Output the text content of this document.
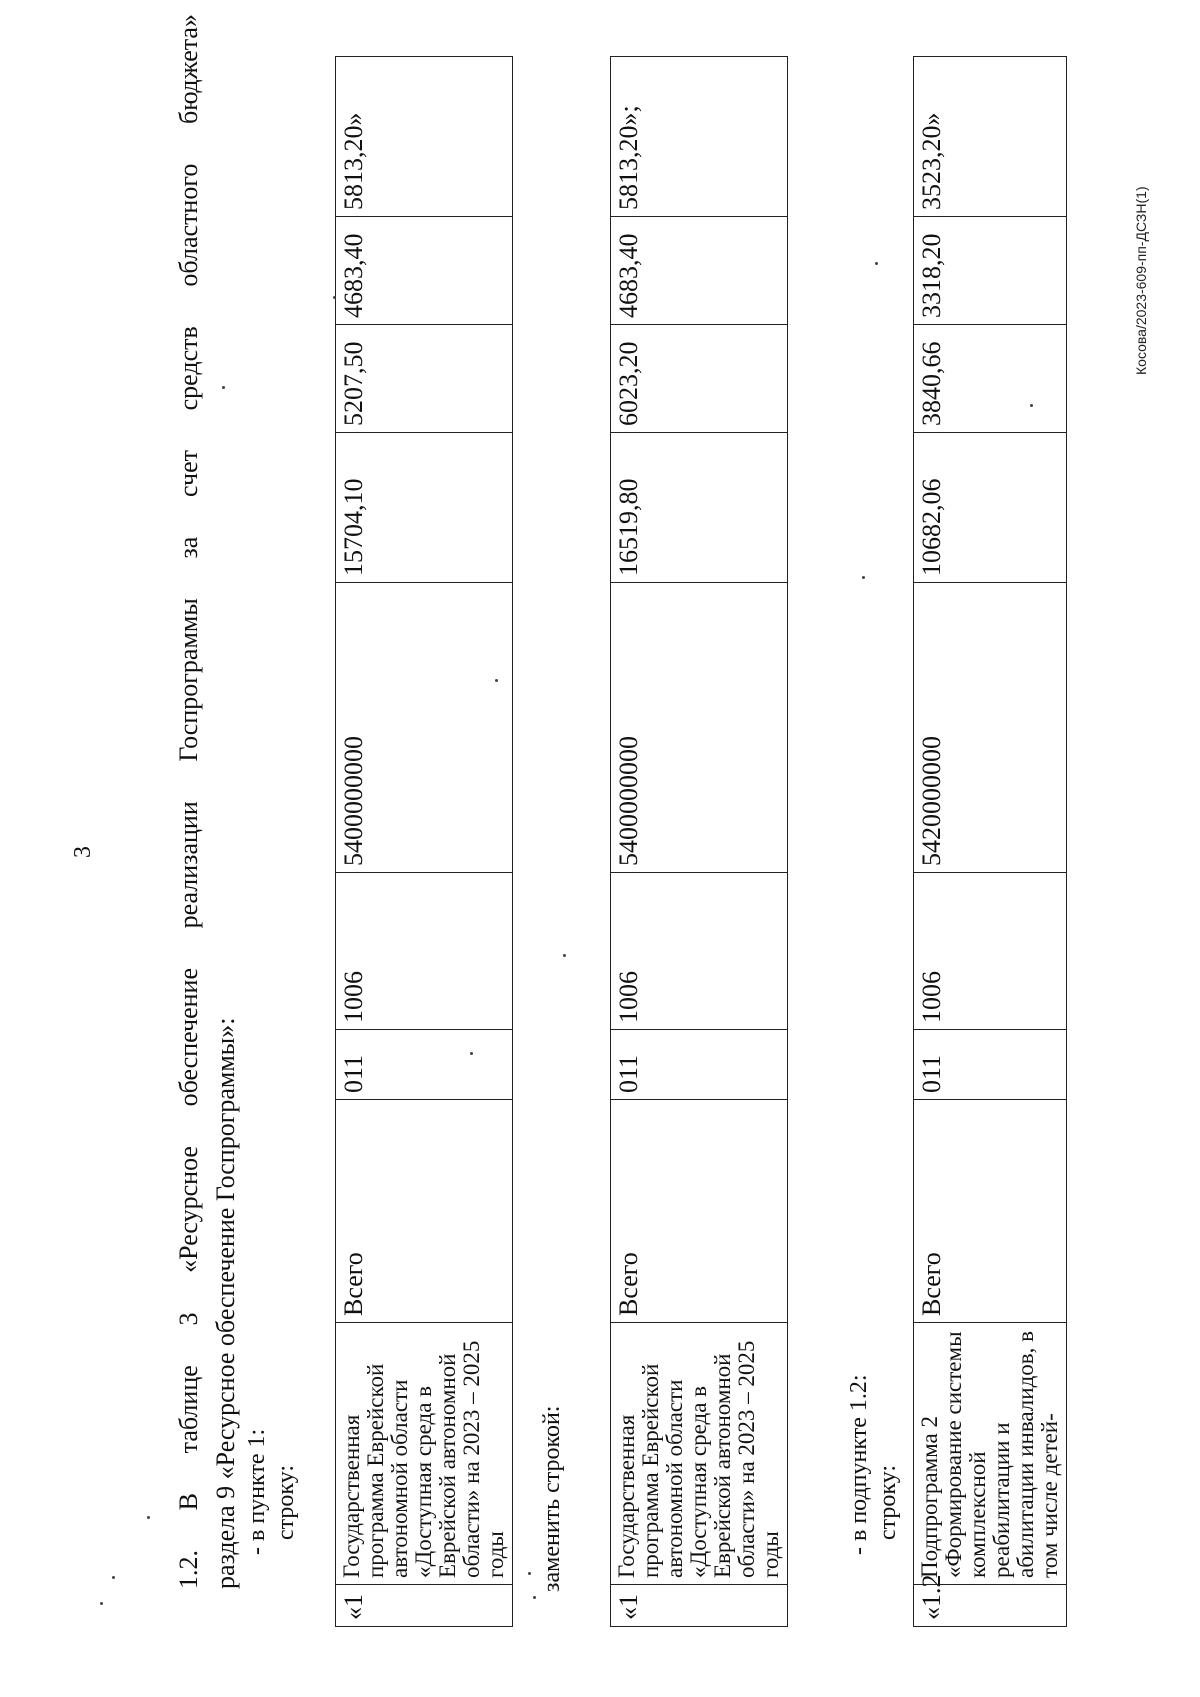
3
1.2.
В
таблице
3
«Ресурсное
обеспечение
реализации
Госпрограммы
за
счет
средств
областного
бюджета»
раздела 9 «Ресурсное обеспечение Госпрограммы»: - в пункте 1: строку:
«1	Государственная программа Еврейской автономной области «Доступная среда в Еврейской автономной области» на 2023 – 2025 годы	Всего	011	1006	5400000000	15704,10	5207,50	4683,40	5813,20»
заменить строкой:
«1	Государственная программа Еврейской автономной области «Доступная среда в Еврейской автономной области» на 2023 – 2025 годы	Всего	011	1006	5400000000	16519,80	6023,20	4683,40	5813,20»;
- в подпункте 1.2: строку:
«1.2	Подпрограмма 2 «Формирование системы комплексной реабилитации и абилитации инвалидов, в том числе детей-	Всего	011	1006	5420000000	10682,06	3840,66	3318,20	3523,20»
Косова/2023-609-пп-ДСЗН(1)
